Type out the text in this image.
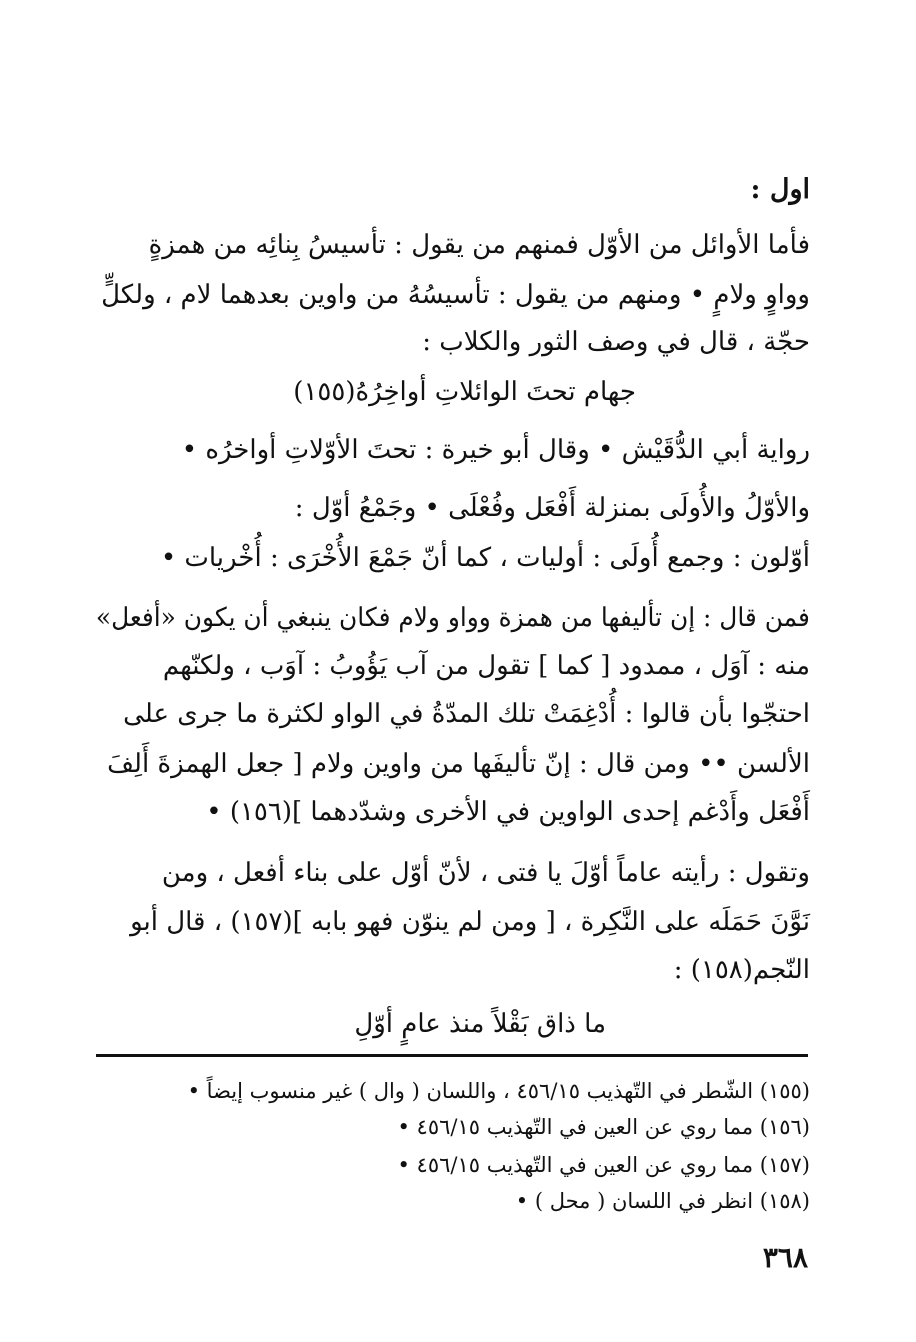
اول :
فأما الأوائل من الأوّل فمنهم من يقول : تأسيسُ بِنائِه من همزةٍ
وواوٍ ولامٍ • ومنهم من يقول : تأسيسُهُ من واوين بعدهما لام ، ولكلٍّ
حجّة ، قال في وصف الثور والكلاب :
جهام تحتَ الوائلاتِ أواخِرُهُ(١٥٥)
رواية أبي الدُّقَيْش • وقال أبو خيرة : تحتَ الأوّلاتِ أواخرُه •
والأوّلُ والأُولَى بمنزلة أَفْعَل وفُعْلَى • وجَمْعُ أوّل :
أوّلون : وجمع أُولَى : أوليات ، كما أنّ جَمْعَ الأُخْرَى : أُخْريات •
فمن قال : إن تأليفها من همزة وواو ولام فكان ينبغي أن يكون «أفعل»
منه : آوَل ، ممدود [ كما ] تقول من آب يَؤُوبُ : آوَب ، ولكنّهم
احتجّوا بأن قالوا : أُدْغِمَتْ تلك المدّةُ في الواو لكثرة ما جرى على
الألسن •• ومن قال : إنّ تأليفَها من واوين ولام [ جعل الهمزةَ أَلِفَ
أَفْعَل وأَدْغم إحدى الواوين في الأخرى وشدّدهما ](١٥٦) •
وتقول : رأيته عاماً أوّلَ يا فتى ، لأنّ أوّل على بناء أفعل ، ومن
نَوَّنَ حَمَلَه على النَّكِرة ، [ ومن لم ينوّن فهو بابه ](١٥٧) ، قال أبو
النّجم(١٥٨) :
ما ذاق بَقْلاً منذ عامٍ أوّلِ
(١٥٥) الشّطر في التّهذيب ٤٥٦/١٥ ، واللسان ( وال ) غير منسوب إيضاً •
(١٥٦) مما روي عن العين في التّهذيب ٤٥٦/١٥ •
(١٥٧) مما روي عن العين في التّهذيب ٤٥٦/١٥ •
(١٥٨) انظر في اللسان ( محل ) •
٣٦٨
